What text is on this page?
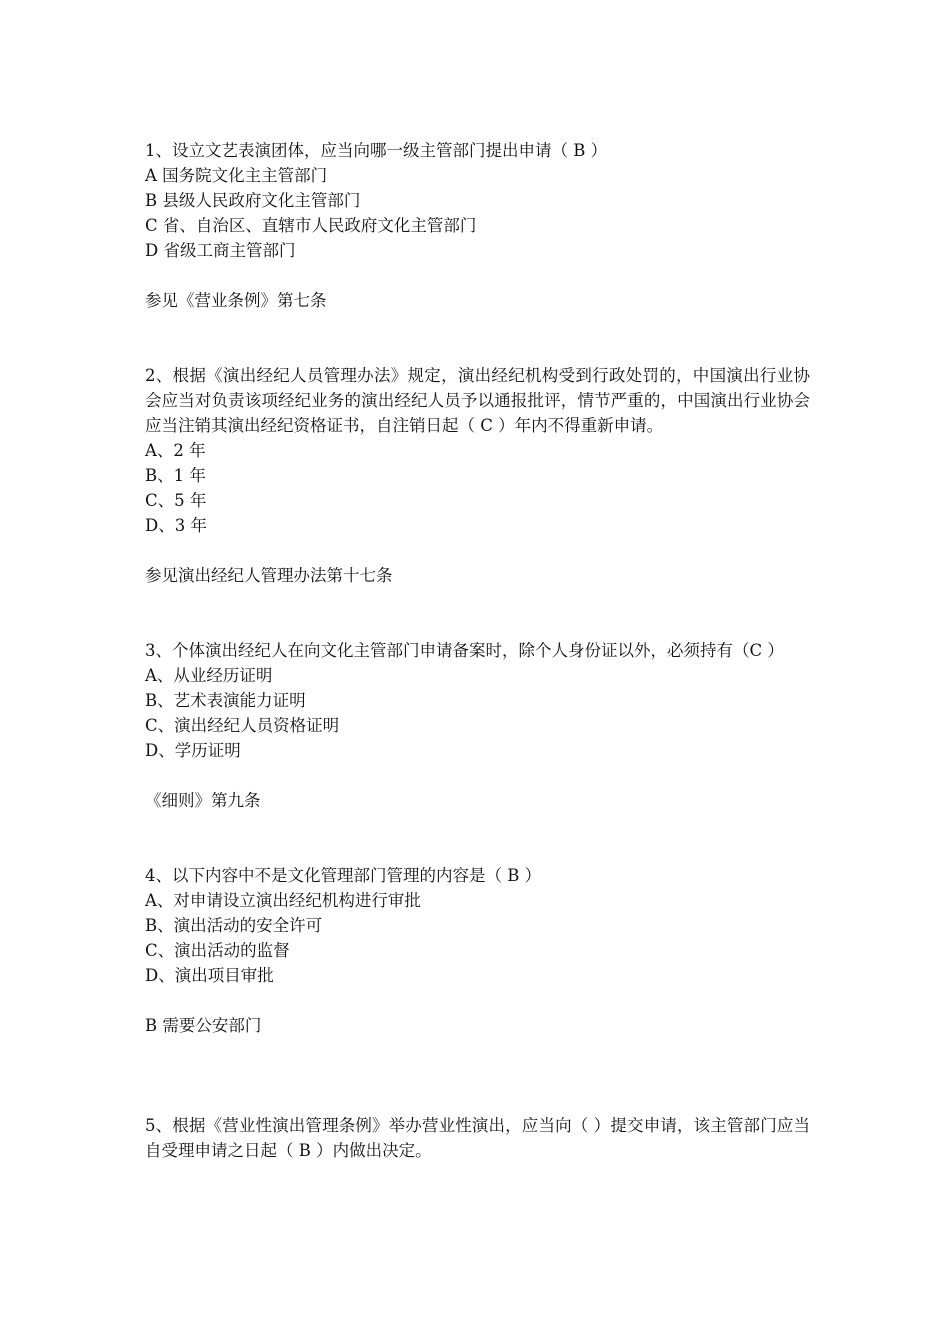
1、设立文艺表演团体，应当向哪一级主管部门提出申请（ B ）

A 国务院文化主主管部门

B 县级人民政府文化主管部门

C 省、自治区、直辖市人民政府文化主管部门

D 省级工商主管部门

参见《营业条例》第七条

2、根据《演出经纪人员管理办法》规定，演出经纪机构受到行政处罚的，中国演出行业协会应当对负责该项经纪业务的演出经纪人员予以通报批评，情节严重的，中国演出行业协会应当注销其演出经纪资格证书，自注销日起（ C ）年内不得重新申请。

A、2 年

B、1 年

C、5 年

D、3 年

参见演出经纪人管理办法第十七条

3、个体演出经纪人在向文化主管部门申请备案时，除个人身份证以外，必须持有（C ）

A、从业经历证明

B、艺术表演能力证明

C、演出经纪人员资格证明

D、学历证明

《细则》第九条

4、以下内容中不是文化管理部门管理的内容是（ B ）

A、对申请设立演出经纪机构进行审批

B、演出活动的安全许可

C、演出活动的监督

D、演出项目审批

B 需要公安部门

5、根据《营业性演出管理条例》举办营业性演出，应当向（ ）提交申请，该主管部门应当自受理申请之日起（ B ）内做出决定。
